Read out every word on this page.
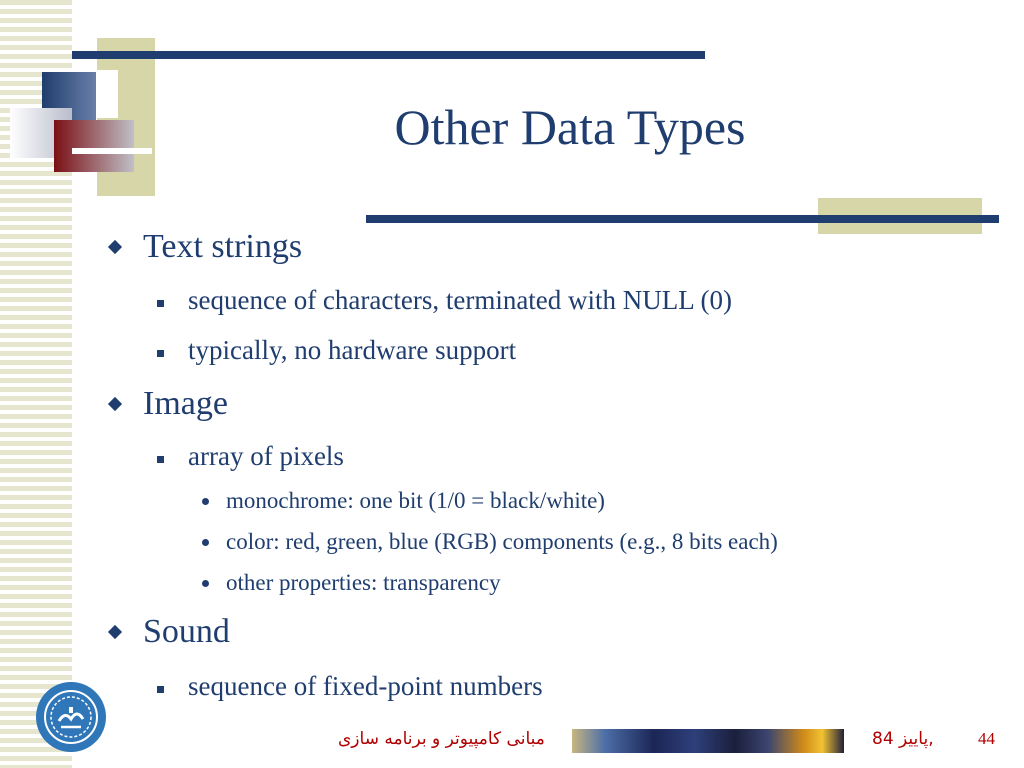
Other Data Types
Text strings
sequence of characters, terminated with NULL (0)
typically, no hardware support
Image
array of pixels
monochrome: one bit (1/0 = black/white)
color: red, green, blue (RGB) components (e.g., 8 bits each)
other properties: transparency
Sound
sequence of fixed-point numbers
مبانی کامپیوتر و برنامه سازی	پاییز 84,	44
